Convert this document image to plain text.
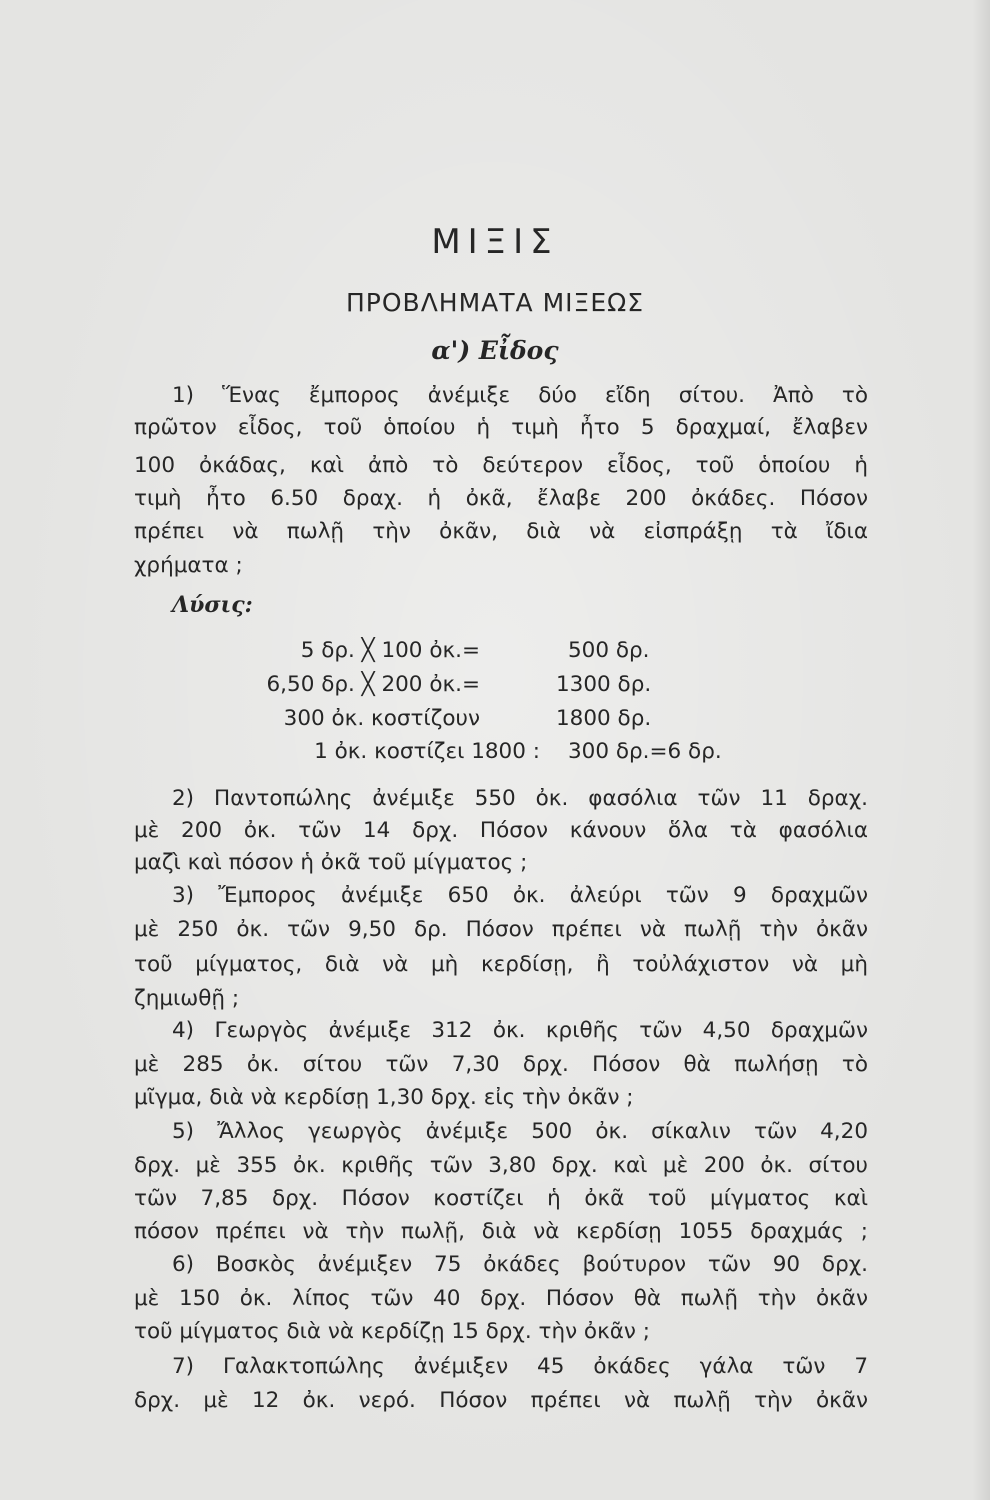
ΜΙΞΙΣ
ΠΡΟΒΛΗΜΑΤΑ ΜΙΞΕΩΣ
α') Εἶδος
1) Ἕνας ἔμπορος ἀνέμιξε δύο εἴδη σίτου. Ἀπὸ τὸ
πρῶτον εἶδος, τοῦ ὁποίου ἡ τιμὴ ἦτο 5 δραχμαί, ἔλαβεν
100 ὀκάδας, καὶ ἀπὸ τὸ δεύτερον εἶδος, τοῦ ὁποίου ἡ
τιμὴ ἦτο 6.50 δραχ. ἡ ὀκᾶ, ἔλαβε 200 ὀκάδες. Πόσον
πρέπει νὰ πωλῇ τὴν ὀκᾶν, διὰ νὰ εἰσπράξῃ τὰ ἴδια
χρήματα ;
Λύσις:
5 δρ. ╳ 100 ὀκ.=	500 δρ.
6,50 δρ. ╳ 200 ὀκ.=	1300 δρ.
300 ὀκ. κοστίζουν	1800 δρ.
1 ὀκ. κοστίζει 1800 : 300 δρ.=6 δρ.
2) Παντοπώλης ἀνέμιξε 550 ὀκ. φασόλια τῶν 11 δραχ.
μὲ 200 ὀκ. τῶν 14 δρχ. Πόσον κάνουν ὅλα τὰ φασόλια
μαζὶ καὶ πόσον ἡ ὀκᾶ τοῦ μίγματος ;
3) Ἔμπορος ἀνέμιξε 650 ὀκ. ἀλεύρι τῶν 9 δραχμῶν
μὲ 250 ὀκ. τῶν 9,50 δρ. Πόσον πρέπει νὰ πωλῇ τὴν ὀκᾶν
τοῦ μίγματος, διὰ νὰ μὴ κερδίσῃ, ἢ τοὐλάχιστον νὰ μὴ
ζημιωθῇ ;
4) Γεωργὸς ἀνέμιξε 312 ὀκ. κριθῆς τῶν 4,50 δραχμῶν
μὲ 285 ὀκ. σίτου τῶν 7,30 δρχ. Πόσον θὰ πωλήσῃ τὸ
μῖγμα, διὰ νὰ κερδίσῃ 1,30 δρχ. εἰς τὴν ὀκᾶν ;
5) Ἄλλος γεωργὸς ἀνέμιξε 500 ὀκ. σίκαλιν τῶν 4,20
δρχ. μὲ 355 ὀκ. κριθῆς τῶν 3,80 δρχ. καὶ μὲ 200 ὀκ. σίτου
τῶν 7,85 δρχ. Πόσον κοστίζει ἡ ὀκᾶ τοῦ μίγματος καὶ
πόσον πρέπει νὰ τὴν πωλῇ, διὰ νὰ κερδίσῃ 1055 δραχμάς ;
6) Βοσκὸς ἀνέμιξεν 75 ὀκάδες βούτυρον τῶν 90 δρχ.
μὲ 150 ὀκ. λίπος τῶν 40 δρχ. Πόσον θὰ πωλῇ τὴν ὀκᾶν
τοῦ μίγματος διὰ νὰ κερδίζῃ 15 δρχ. τὴν ὀκᾶν ;
7) Γαλακτοπώλης ἀνέμιξεν 45 ὀκάδες γάλα τῶν 7
δρχ. μὲ 12 ὀκ. νερό. Πόσον πρέπει νὰ πωλῇ τὴν ὀκᾶν
